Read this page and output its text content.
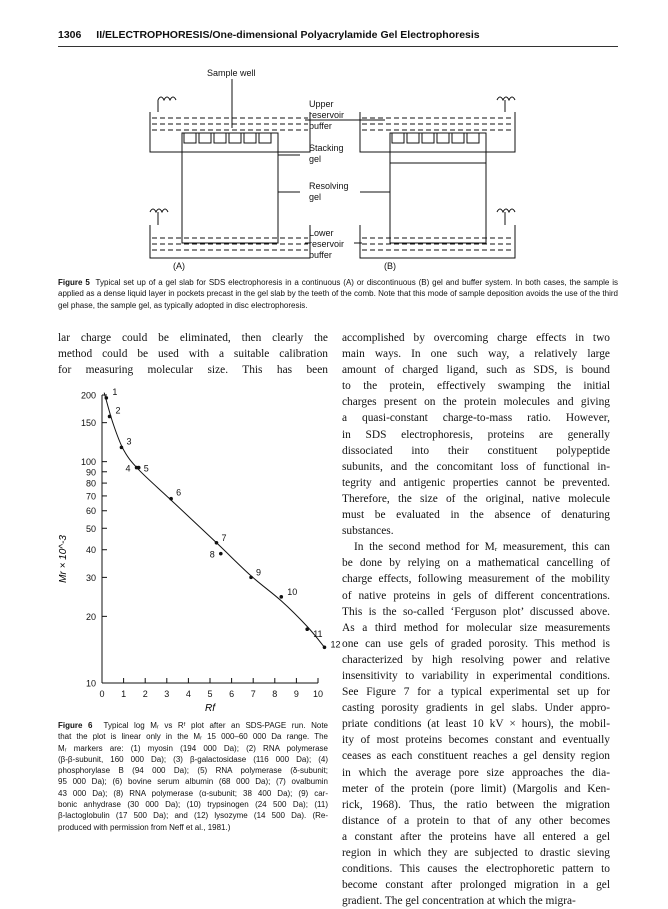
1306 II/ELECTROPHORESIS/One-dimensional Polyacrylamide Gel Electrophoresis
Sample well
Upper
reservoir
buffer
Stacking
gel
Resolving
gel
Lower
reservoir
buffer
(A)	(B)
Figure 5 Typical set up of a gel slab for SDS electrophoresis in a continuous (A) or discontinuous (B) gel and buffer system. In both cases, the sample is applied as a dense liquid layer in pockets precast in the gel slab by the teeth of the comb. Note that this mode of sample deposition avoids the use of the third gel phase, the sample gel, as typically adopted in disc electrophoresis.
lar charge could be eliminated, then clearly the
method could be used with a suitable calibration
for measuring molecular size. This has been
10
20
30
40
50
60
70
80
90
100
150
200
0 1 2 3 4 5 6 7 8 9 10
1
2
3
4 5
6
7
8
9
10
11
12
Rf
Mr × 10^-3
Figure 6 Typical log Mᵣ vs Rᶠ plot after an SDS-PAGE run. Note
that the plot is linear only in the Mᵣ 15 000–60 000 Da range. The
Mᵣ markers are: (1) myosin (194 000 Da); (2) RNA polymerase
(β-β-subunit, 160 000 Da); (3) β-galactosidase (116 000 Da); (4)
phosphorylase B (94 000 Da); (5) RNA polymerase (δ-subunit;
95 000 Da); (6) bovine serum albumin (68 000 Da); (7) ovalbumin
43 000 Da); (8) RNA polymerase (α-subunit; 38 400 Da); (9) car-
bonic anhydrase (30 000 Da); (10) trypsinogen (24 500 Da); (11)
β-lactoglobulin (17 500 Da); and (12) lysozyme (14 500 Da). (Re-
produced with permission from Neff et al., 1981.)
accomplished by overcoming charge effects in two
main ways. In one such way, a relatively large
amount of charged ligand, such as SDS, is bound
to the protein, effectively swamping the initial
charges present on the protein molecules and giving
a quasi-constant charge-to-mass ratio. However,
in SDS electrophoresis, proteins are generally
dissociated into their constituent polypeptide
subunits, and the concomitant loss of functional in-
tegrity and antigenic properties cannot be prevented.
Therefore, the size of the original, native molecule
must be evaluated in the absence of denaturing
substances.
In the second method for Mᵣ measurement, this can
be done by relying on a mathematical cancelling of
charge effects, following measurement of the mobility
of native proteins in gels of different concentrations.
This is the so-called ‘Ferguson plot’ discussed above.
As a third method for molecular size measurements
one can use gels of graded porosity. This method is
characterized by high resolving power and relative
insensitivity to variability in experimental conditions.
See Figure 7 for a typical experimental set up for
casting porosity gradients in gel slabs. Under appro-
priate conditions (at least 10 kV × hours), the mobil-
ity of most proteins becomes constant and eventually
ceases as each constituent reaches a gel density region
in which the average pore size approaches the dia-
meter of the protein (pore limit) (Margolis and Ken-
rick, 1968). Thus, the ratio between the migration
distance of a protein to that of any other becomes
a constant after the proteins have all entered a gel
region in which they are subjected to drastic sieving
conditions. This causes the electrophoretic pattern to
become constant after prolonged migration in a gel
gradient. The gel concentration at which the migra-
